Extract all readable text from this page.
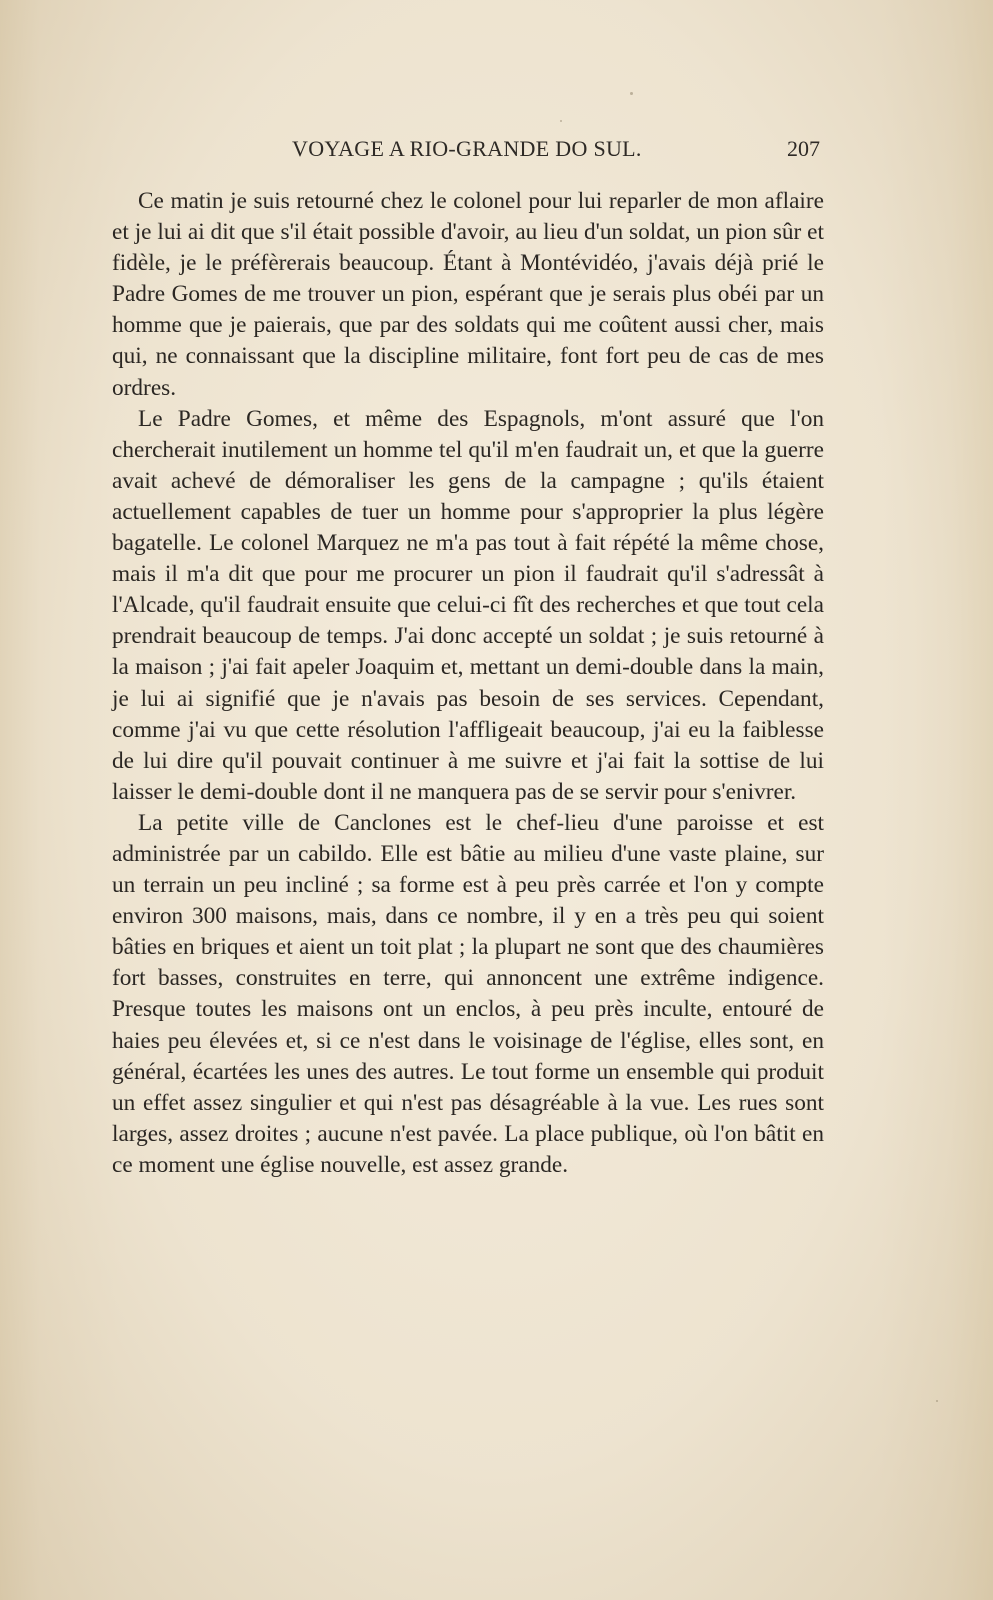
VOYAGE A RIO-GRANDE DO SUL.	207

Ce matin je suis retourné chez le colonel pour lui reparler de mon aflaire et je lui ai dit que s'il était possible d'avoir, au lieu d'un soldat, un pion sûr et fidèle, je le préfèrerais beaucoup. Étant à Montévidéo, j'avais déjà prié le Padre Gomes de me trouver un pion, espérant que je serais plus obéi par un homme que je paierais, que par des soldats qui me coûtent aussi cher, mais qui, ne connaissant que la discipline militaire, font fort peu de cas de mes ordres.

Le Padre Gomes, et même des Espagnols, m'ont assuré que l'on chercherait inutilement un homme tel qu'il m'en faudrait un, et que la guerre avait achevé de démoraliser les gens de la campagne ; qu'ils étaient actuellement capables de tuer un homme pour s'approprier la plus légère bagatelle. Le colonel Marquez ne m'a pas tout à fait répété la même chose, mais il m'a dit que pour me procurer un pion il faudrait qu'il s'adressât à l'Alcade, qu'il faudrait ensuite que celui-ci fît des recherches et que tout cela prendrait beaucoup de temps. J'ai donc accepté un soldat ; je suis retourné à la maison ; j'ai fait apeler Joaquim et, mettant un demi-double dans la main, je lui ai signifié que je n'avais pas besoin de ses services. Cependant, comme j'ai vu que cette résolution l'affligeait beaucoup, j'ai eu la faiblesse de lui dire qu'il pouvait continuer à me suivre et j'ai fait la sottise de lui laisser le demi-double dont il ne manquera pas de se servir pour s'enivrer.

La petite ville de Canclones est le chef-lieu d'une paroisse et est administrée par un cabildo. Elle est bâtie au milieu d'une vaste plaine, sur un terrain un peu incliné ; sa forme est à peu près carrée et l'on y compte environ 300 maisons, mais, dans ce nombre, il y en a très peu qui soient bâties en briques et aient un toit plat ; la plupart ne sont que des chaumières fort basses, construites en terre, qui annoncent une extrême indigence. Presque toutes les maisons ont un enclos, à peu près inculte, entouré de haies peu élevées et, si ce n'est dans le voisinage de l'église, elles sont, en général, écartées les unes des autres. Le tout forme un ensemble qui produit un effet assez singulier et qui n'est pas désagréable à la vue. Les rues sont larges, assez droites ; aucune n'est pavée. La place publique, où l'on bâtit en ce moment une église nouvelle, est assez grande.
